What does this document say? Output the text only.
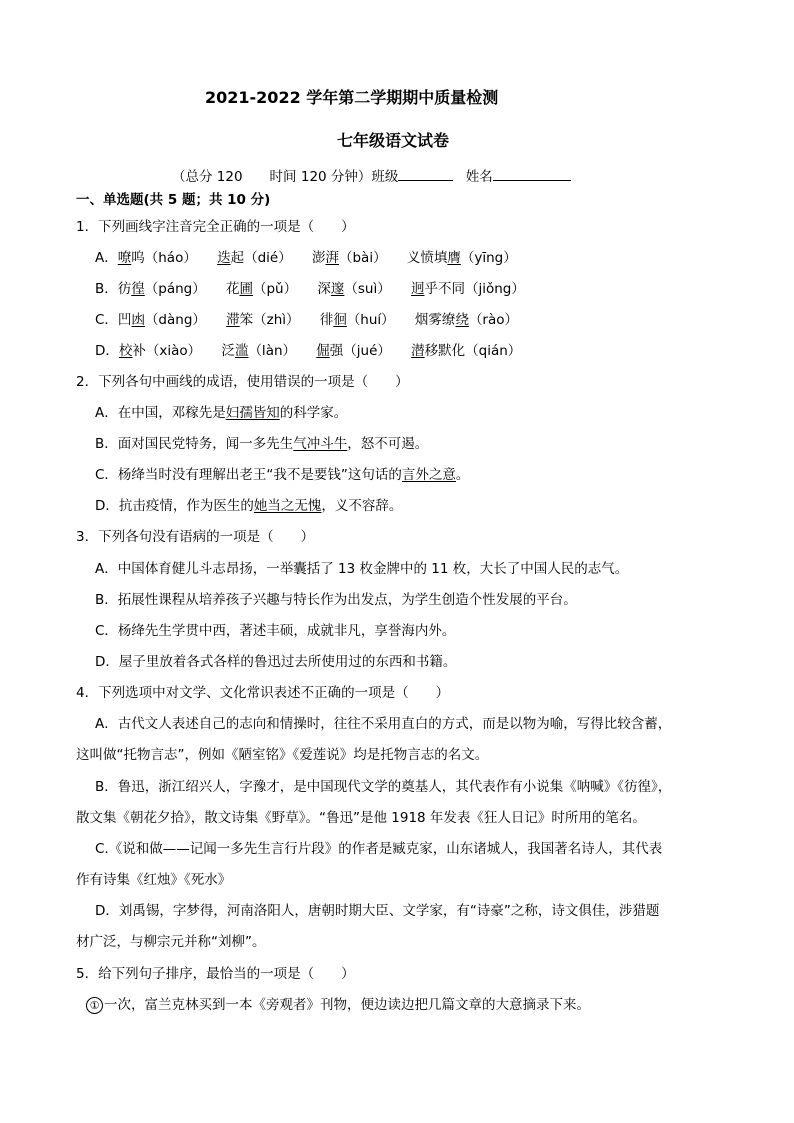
2021-2022 学年第二学期期中质量检测
七年级语文试卷
（总分 120　　时间 120 分钟）班级	姓名
一、单选题(共 5 题；共 10 分)
1．下列画线字注音完全正确的一项是（　　）
A．嘹呜（háo）　　迭起（dié）　　澎湃（bài）　　义愤填膺（yīng）
B．彷徨（páng）　　花圃（pǔ）　　深邃（suì）　　迥乎不同（jiǒng）
C．凹凼（dàng）　　滞笨（zhì）　　徘徊（huí）　　烟雾缭绕（rào）
D．校补（xiào）　　泛滥（làn）　　倔强（jué）　　潜移默化（qián）
2．下列各句中画线的成语，使用错误的一项是（　　）
A．在中国，邓稼先是妇孺皆知的科学家。
B．面对国民党特务，闻一多先生气冲斗牛，怒不可遏。
C．杨绛当时没有理解出老王“我不是要钱”这句话的言外之意。
D．抗击疫情，作为医生的她当之无愧，义不容辞。
3．下列各句没有语病的一项是（　　）
A．中国体育健儿斗志昂扬，一举囊括了 13 枚金牌中的 11 枚，大长了中国人民的志气。
B．拓展性课程从培养孩子兴趣与特长作为出发点，为学生创造个性发展的平台。
C．杨绛先生学贯中西，著述丰硕，成就非凡，享誉海内外。
D．屋子里放着各式各样的鲁迅过去所使用过的东西和书籍。
4．下列选项中对文学、文化常识表述不正确的一项是（　　）
A．古代文人表述自己的志向和情操时，往往不采用直白的方式，而是以物为喻，写得比较含蓄，
这叫做“托物言志”，例如《陋室铭》《爱莲说》均是托物言志的名文。
B．鲁迅，浙江绍兴人，字豫才，是中国现代文学的奠基人，其代表作有小说集《呐喊》《彷徨》，
散文集《朝花夕拾》，散文诗集《野草》。“鲁迅”是他 1918 年发表《狂人日记》时所用的笔名。
C.《说和做——记闻一多先生言行片段》的作者是臧克家，山东诸城人，我国著名诗人，其代表
作有诗集《红烛》《死水》
D．刘禹锡，字梦得，河南洛阳人，唐朝时期大臣、文学家，有“诗豪”之称，诗文俱佳，涉猎题
材广泛，与柳宗元并称“刘柳”。
5．给下列句子排序，最恰当的一项是（　　）
① 一次，富兰克林买到一本《旁观者》刊物，便边读边把几篇文章的大意摘录下来。
